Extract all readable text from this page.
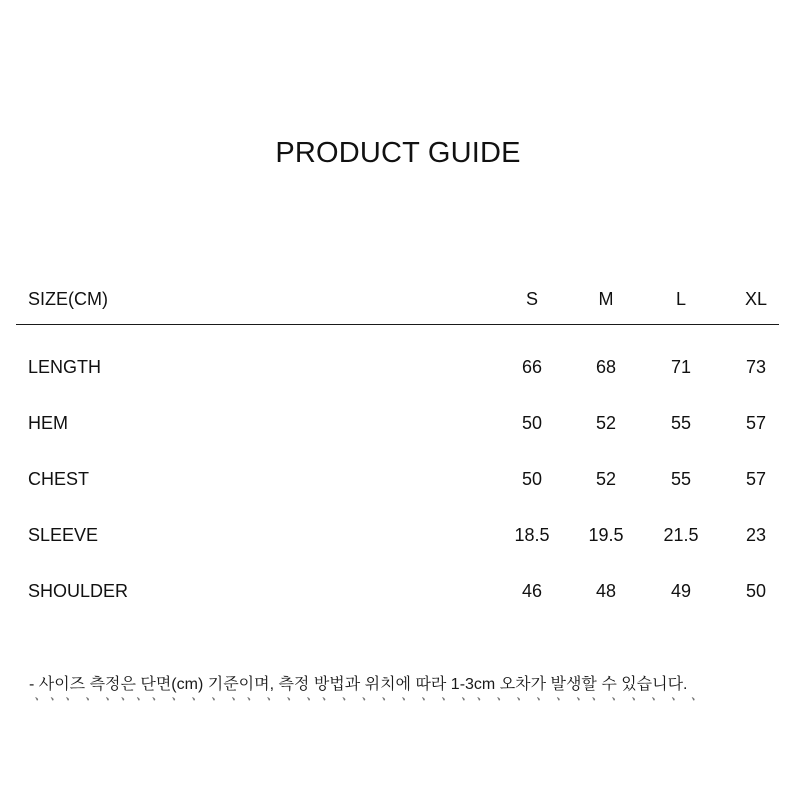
PRODUCT GUIDE
SIZE(CM)	S	M	L	XL
LENGTH	66	68	71	73
HEM	50	52	55	57
CHEST	50	52	55	57
SLEEVE	18.5	19.5	21.5	23
SHOULDER	46	48	49	50
- 사이즈 측정은 단면(cm) 기준이며, 측정 방법과 위치에 따라 1-3cm 오차가 발생할 수 있습니다.
ㆍㆍㆍ ㆍ ㆍㆍㆍㆍ ㆍ ㆍ ㆍ ㆍㆍ ㆍ ㆍ ㆍㆍ ㆍ ㆍ ㆍ ㆍ ㆍ ㆍ ㆍㆍ ㆍ ㆍ ㆍ ㆍ ㆍㆍ ㆍ ㆍ ㆍ ㆍ ㆍ
